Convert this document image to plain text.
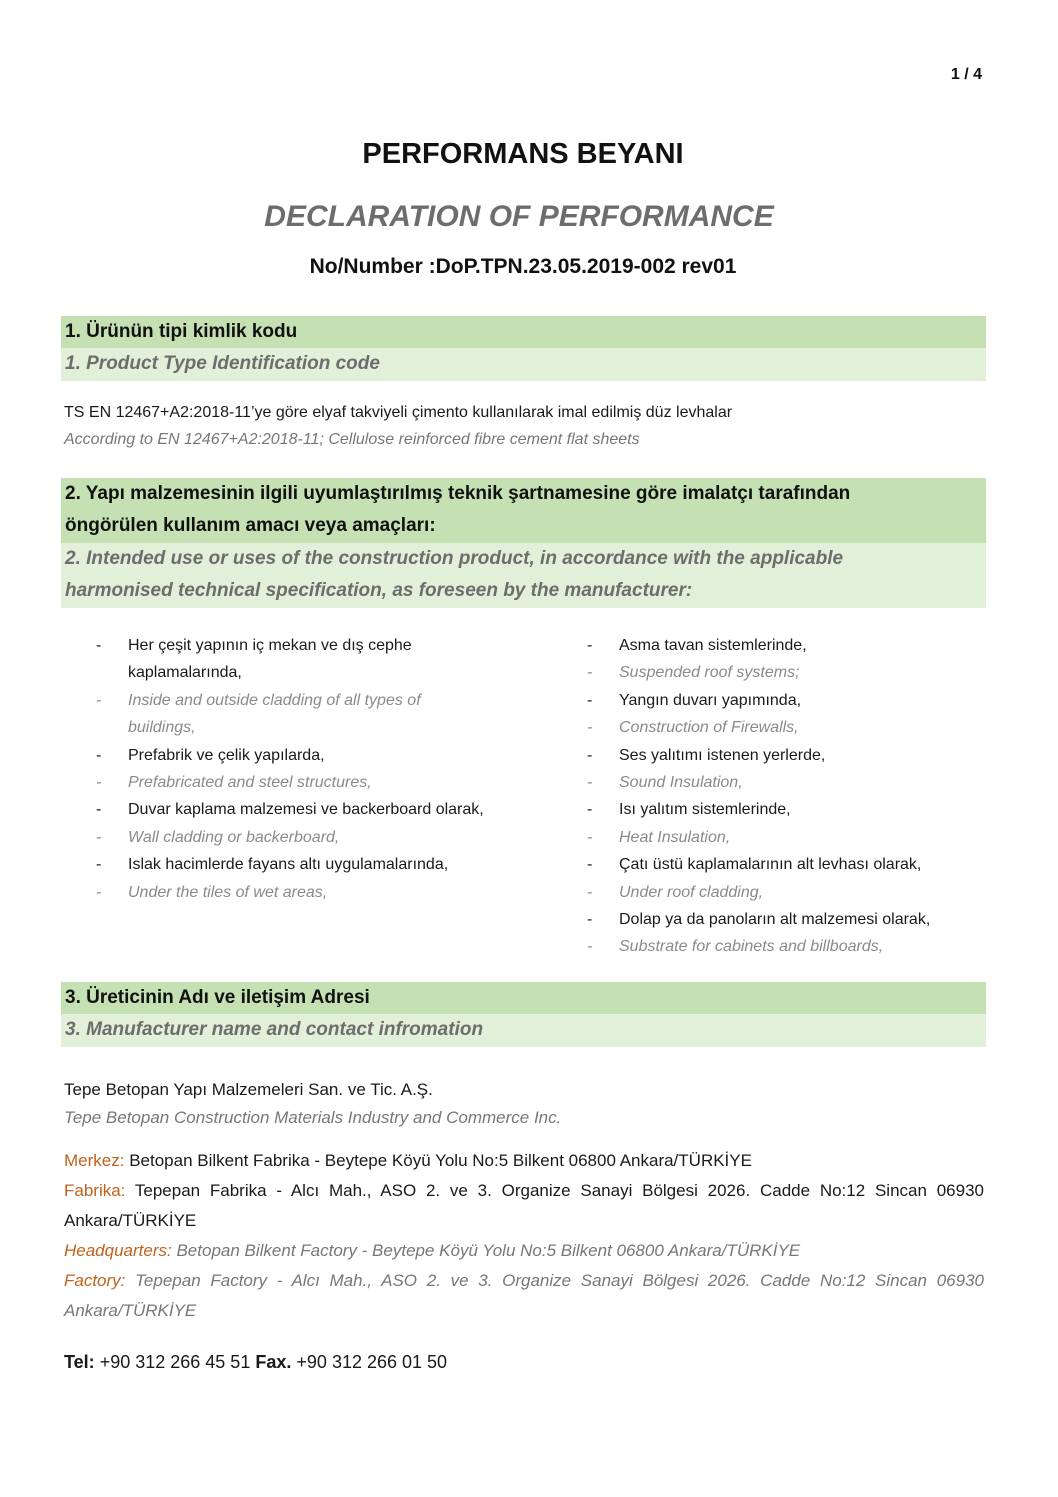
1 / 4
PERFORMANS BEYANI
DECLARATION OF PERFORMANCE
No/Number :DoP.TPN.23.05.2019-002 rev01
1. Ürünün tipi kimlik kodu
1. Product Type Identification code
TS EN 12467+A2:2018-11’ye göre elyaf takviyeli çimento kullanılarak imal edilmiş düz levhalar
According to EN 12467+A2:2018-11; Cellulose reinforced fibre cement flat sheets
2. Yapı malzemesinin ilgili uyumlaştırılmış teknik şartnamesine göre imalatçı tarafından
öngörülen kullanım amacı veya amaçları:
2. Intended use or uses of the construction product, in accordance with the applicable
harmonised technical specification, as foreseen by the manufacturer:
- Her çeşit yapının iç mekan ve dış cephe kaplamalarında,
- Inside and outside cladding of all types of buildings,
- Prefabrik ve çelik yapılarda,
- Prefabricated and steel structures,
- Duvar kaplama malzemesi ve backerboard olarak,
- Wall cladding or backerboard,
- Islak hacimlerde fayans altı uygulamalarında,
- Under the tiles of wet areas,
- Asma tavan sistemlerinde,
- Suspended roof systems;
- Yangın duvarı yapımında,
- Construction of Firewalls,
- Ses yalıtımı istenen yerlerde,
- Sound Insulation,
- Isı yalıtım sistemlerinde,
- Heat Insulation,
- Çatı üstü kaplamalarının alt levhası olarak,
- Under roof cladding,
- Dolap ya da panoların alt malzemesi olarak,
- Substrate for cabinets and billboards,
3. Üreticinin Adı ve iletişim Adresi
3. Manufacturer name and contact infromation
Tepe Betopan Yapı Malzemeleri San. ve Tic. A.Ş.
Tepe Betopan Construction Materials Industry and Commerce Inc.
Merkez: Betopan Bilkent Fabrika - Beytepe Köyü Yolu No:5 Bilkent 06800 Ankara/TÜRKİYE
Fabrika: Tepepan Fabrika - Alcı Mah., ASO 2. ve 3. Organize Sanayi Bölgesi 2026. Cadde No:12 Sincan 06930 Ankara/TÜRKİYE
Headquarters: Betopan Bilkent Factory - Beytepe Köyü Yolu No:5 Bilkent 06800 Ankara/TÜRKİYE
Factory: Tepepan Factory - Alcı Mah., ASO 2. ve 3. Organize Sanayi Bölgesi 2026. Cadde No:12 Sincan 06930 Ankara/TÜRKİYE
Tel: +90 312 266 45 51 Fax. +90 312 266 01 50
